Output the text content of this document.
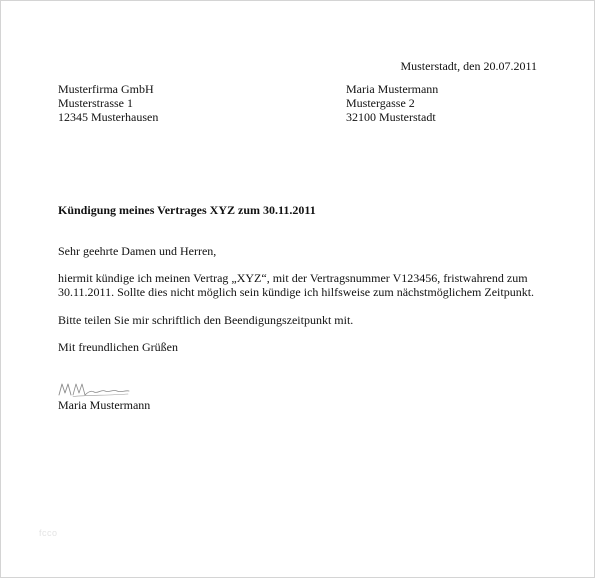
Musterstadt, den 20.07.2011
Musterfirma GmbH
Musterstrasse 1
12345 Musterhausen
Maria Mustermann
Mustergasse 2
32100 Musterstadt
Kündigung meines Vertrages XYZ zum 30.11.2011
Sehr geehrte Damen und Herren,
hiermit kündige ich meinen Vertrag „XYZ“, mit der Vertragsnummer V123456, fristwahrend zum
30.11.2011. Sollte dies nicht möglich sein kündige ich hilfsweise zum nächstmöglichem Zeitpunkt.
Bitte teilen Sie mir schriftlich den Beendigungszeitpunkt mit.
Mit freundlichen Grüßen
Maria Mustermann
fcco
